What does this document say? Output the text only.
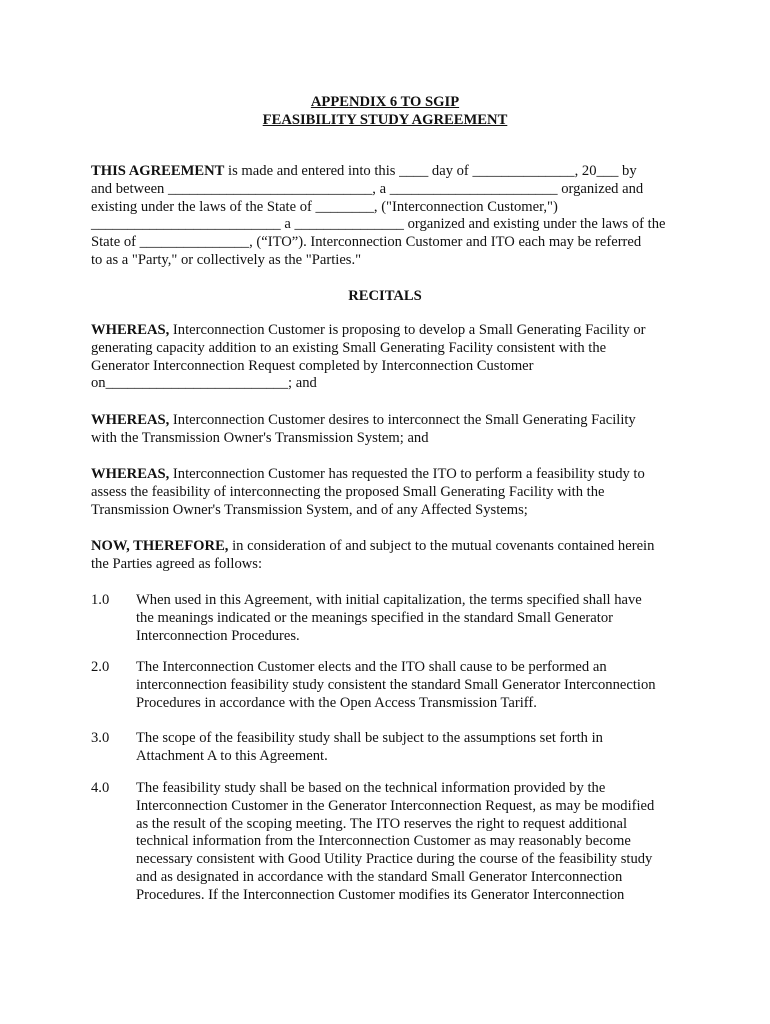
APPENDIX 6 TO SGIP

FEASIBILITY STUDY AGREEMENT

THIS AGREEMENT is made and entered into this ____ day of ______________, 20___ by
and between ____________________________, a _______________________ organized and
existing under the laws of the State of ________, ("Interconnection Customer,")
__________________________ a _______________ organized and existing under the laws of the
State of _______________, (“ITO”). Interconnection Customer and ITO each may be referred
to as a "Party," or collectively as the "Parties."
RECITALS
WHEREAS, Interconnection Customer is proposing to develop a Small Generating Facility or
generating capacity addition to an existing Small Generating Facility consistent with the
Generator Interconnection Request completed by Interconnection Customer
on_________________________; and
WHEREAS, Interconnection Customer desires to interconnect the Small Generating Facility
with the Transmission Owner's Transmission System; and
WHEREAS, Interconnection Customer has requested the ITO to perform a feasibility study to
assess the feasibility of interconnecting the proposed Small Generating Facility with the
Transmission Owner's Transmission System, and of any Affected Systems;
NOW, THEREFORE, in consideration of and subject to the mutual covenants contained herein
the Parties agreed as follows:
1.0 When used in this Agreement, with initial capitalization, the terms specified shall have
the meanings indicated or the meanings specified in the standard Small Generator
Interconnection Procedures.
2.0 The Interconnection Customer elects and the ITO shall cause to be performed an
interconnection feasibility study consistent the standard Small Generator Interconnection
Procedures in accordance with the Open Access Transmission Tariff.
3.0 The scope of the feasibility study shall be subject to the assumptions set forth in
Attachment A to this Agreement.
4.0 The feasibility study shall be based on the technical information provided by the
Interconnection Customer in the Generator Interconnection Request, as may be modified
as the result of the scoping meeting. The ITO reserves the right to request additional
technical information from the Interconnection Customer as may reasonably become
necessary consistent with Good Utility Practice during the course of the feasibility study
and as designated in accordance with the standard Small Generator Interconnection
Procedures. If the Interconnection Customer modifies its Generator Interconnection
